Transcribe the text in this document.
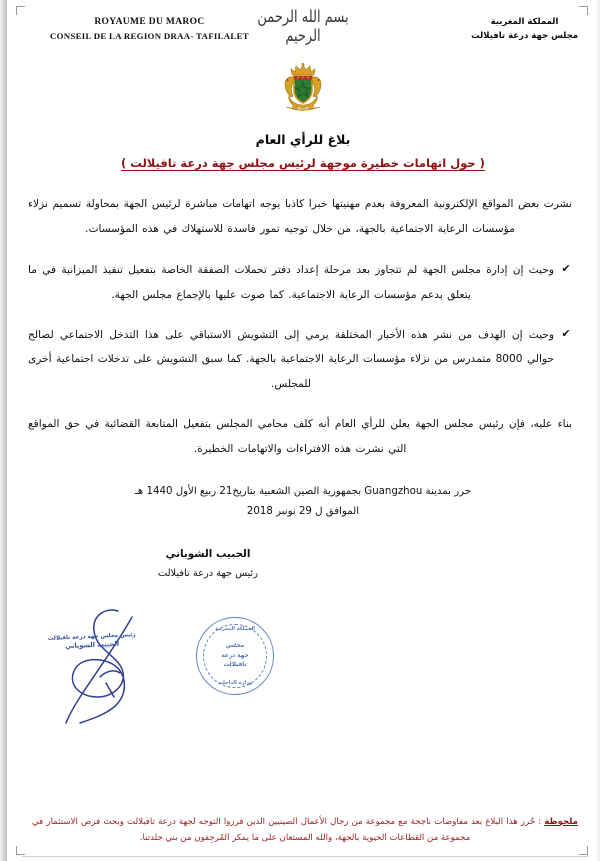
ROYAUME DU MAROC
CONSEIL DE LA REGION DRAA- TAFILALET
بسم الله الرحمن الرحيم
المملكة المغربية
مجلس جهة درعة تافيلالت
بلاغ للرأي العام
( حول اتهامات خطيرة موجهة لرئيس مجلس جهة درعة تافيلالت )

نشرت بعض المواقع الإلكترونية المعروفة بعدم مهنيتها خبرا كاذبا يوجه اتهامات مباشرة لرئيس الجهة بمحاولة تسميم نزلاء مؤسسات الرعاية الاجتماعية بالجهة، من خلال توجيه تمور فاسدة للاستهلاك في هذه المؤسسات.

✔

وحيث إن إدارة مجلس الجهة لم تتجاوز بعد مرحلة إعداد دفتر تحملات الصفقة الخاصة بتفعيل تنفيذ الميزانية في ما يتعلق بدعم مؤسسات الرعاية الاجتماعية. كما صوت عليها بالإجماع مجلس الجهة.

✔

وحيث إن الهدف من نشر هذه الأخبار المختلقة يرمي إلى التشويش الاستباقي على هذا التدخل الاجتماعي لصالح حوالي 8000 متمدرس من نزلاء مؤسسات الرعاية الاجتماعية بالجهة. كما سبق التشويش على تدخلات اجتماعية أخرى للمجلس.

بناء عليه، فإن رئيس مجلس الجهة يعلن للرأي العام أنه كلف محامي المجلس بتفعيل المتابعة القضائية في حق المواقع التي نشرت هذه الافتراءات والاتهامات الخطيرة.

حرر بمدينة Guangzhou بجمهورية الصين الشعبية بتاريخ21 ربيع الأول 1440 هـ
الموافق ل 29 نونبر 2018
الحبيب الشوباني
رئيس جهة درعة تافيلالت
رئيس مجلس جهة درعة تافيلالت
الحبيب الشوباني
المملكة المغربية
مجلس
جهة درعة
تافيلالت
وزارة الداخلية
ملحوظة : حُرر هذا البلاغ بعد مفاوضات ناجحة مع مجموعة من رجال الأعمال الصينيين الذين قرروا التوجه لجهة درعة تافيلالت وبحث فرص الاستثمار في مجموعة من القطاعات الحيوية بالجهة، والله المستعان على ما يمكر المُرجِفون من بني جلدتنا.
